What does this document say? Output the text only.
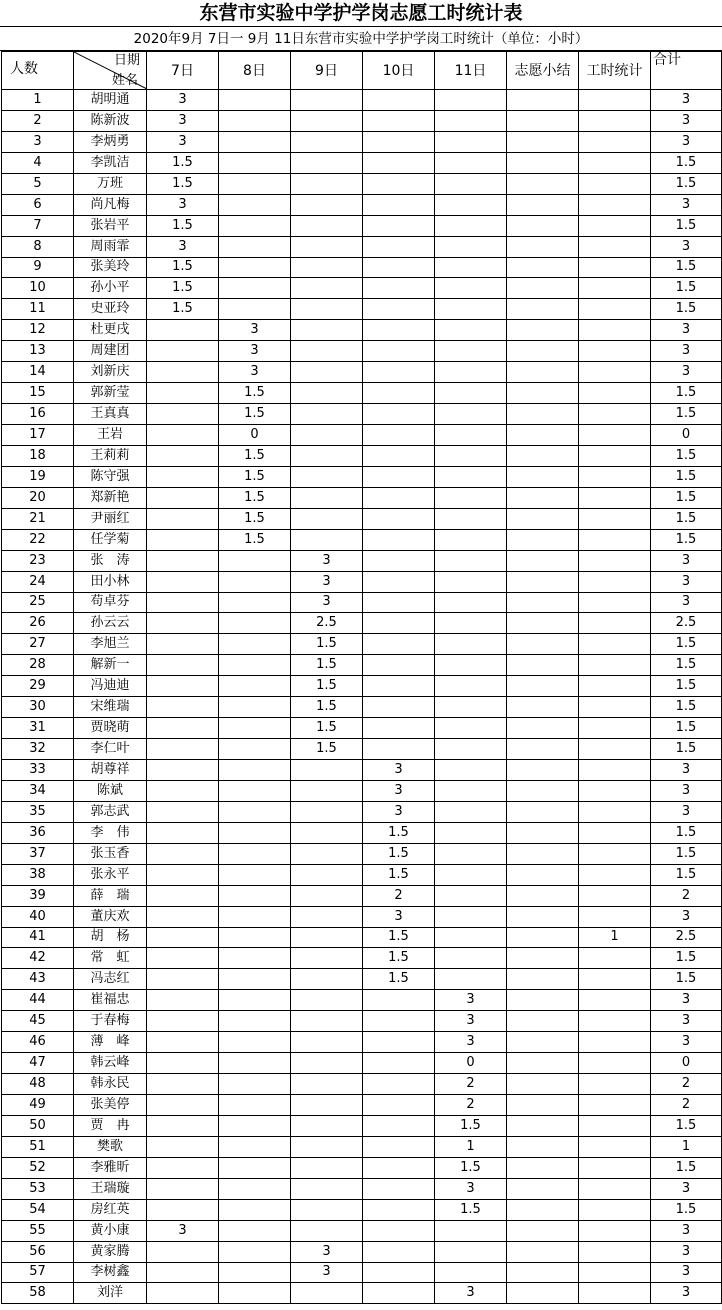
东营市实验中学护学岗志愿工时统计表
2020年9月 7日一 9月 11日东营市实验中学护学岗工时统计（单位：小时）
人数	日期
姓名	7日	8日	9日	10日	11日	志愿小结	工时统计	合计

1	胡明通	3							3
2	陈新波	3							3
3	李炳勇	3							3
4	李凯洁	1.5							1.5
5	万班	1.5							1.5
6	尚凡梅	3							3
7	张岩平	1.5							1.5
8	周雨霏	3							3
9	张美玲	1.5							1.5
10	孙小平	1.5							1.5
11	史亚玲	1.5							1.5
12	杜更戌		3						3
13	周建团		3						3
14	刘新庆		3						3
15	郭新莹		1.5						1.5
16	王真真		1.5						1.5
17	王岩		0						0
18	王莉莉		1.5						1.5
19	陈守强		1.5						1.5
20	郑新艳		1.5						1.5
21	尹丽红		1.5						1.5
22	任学菊		1.5						1.5
23	张　涛			3					3
24	田小林			3					3
25	苟卓芬			3					3
26	孙云云			2.5					2.5
27	李旭兰			1.5					1.5
28	解新一			1.5					1.5
29	冯迪迪			1.5					1.5
30	宋维瑞			1.5					1.5
31	贾晓萌			1.5					1.5
32	李仁叶			1.5					1.5
33	胡尊祥				3				3
34	陈斌				3				3
35	郭志武				3				3
36	李　伟				1.5				1.5
37	张玉香				1.5				1.5
38	张永平				1.5				1.5
39	薛　瑞				2				2
40	董庆欢				3				3
41	胡　杨				1.5			1	2.5
42	常　虹				1.5				1.5
43	冯志红				1.5				1.5
44	崔福忠					3			3
45	于春梅					3			3
46	薄　峰					3			3
47	韩云峰					0			0
48	韩永民					2			2
49	张美停					2			2
50	贾　冉					1.5			1.5
51	樊歌					1			1
52	李雅昕					1.5			1.5
53	王瑞璇					3			3
54	房红英					1.5			1.5
55	黄小康	3							3
56	黄家腾			3					3
57	李树鑫			3					3
58	刘洋					3			3
